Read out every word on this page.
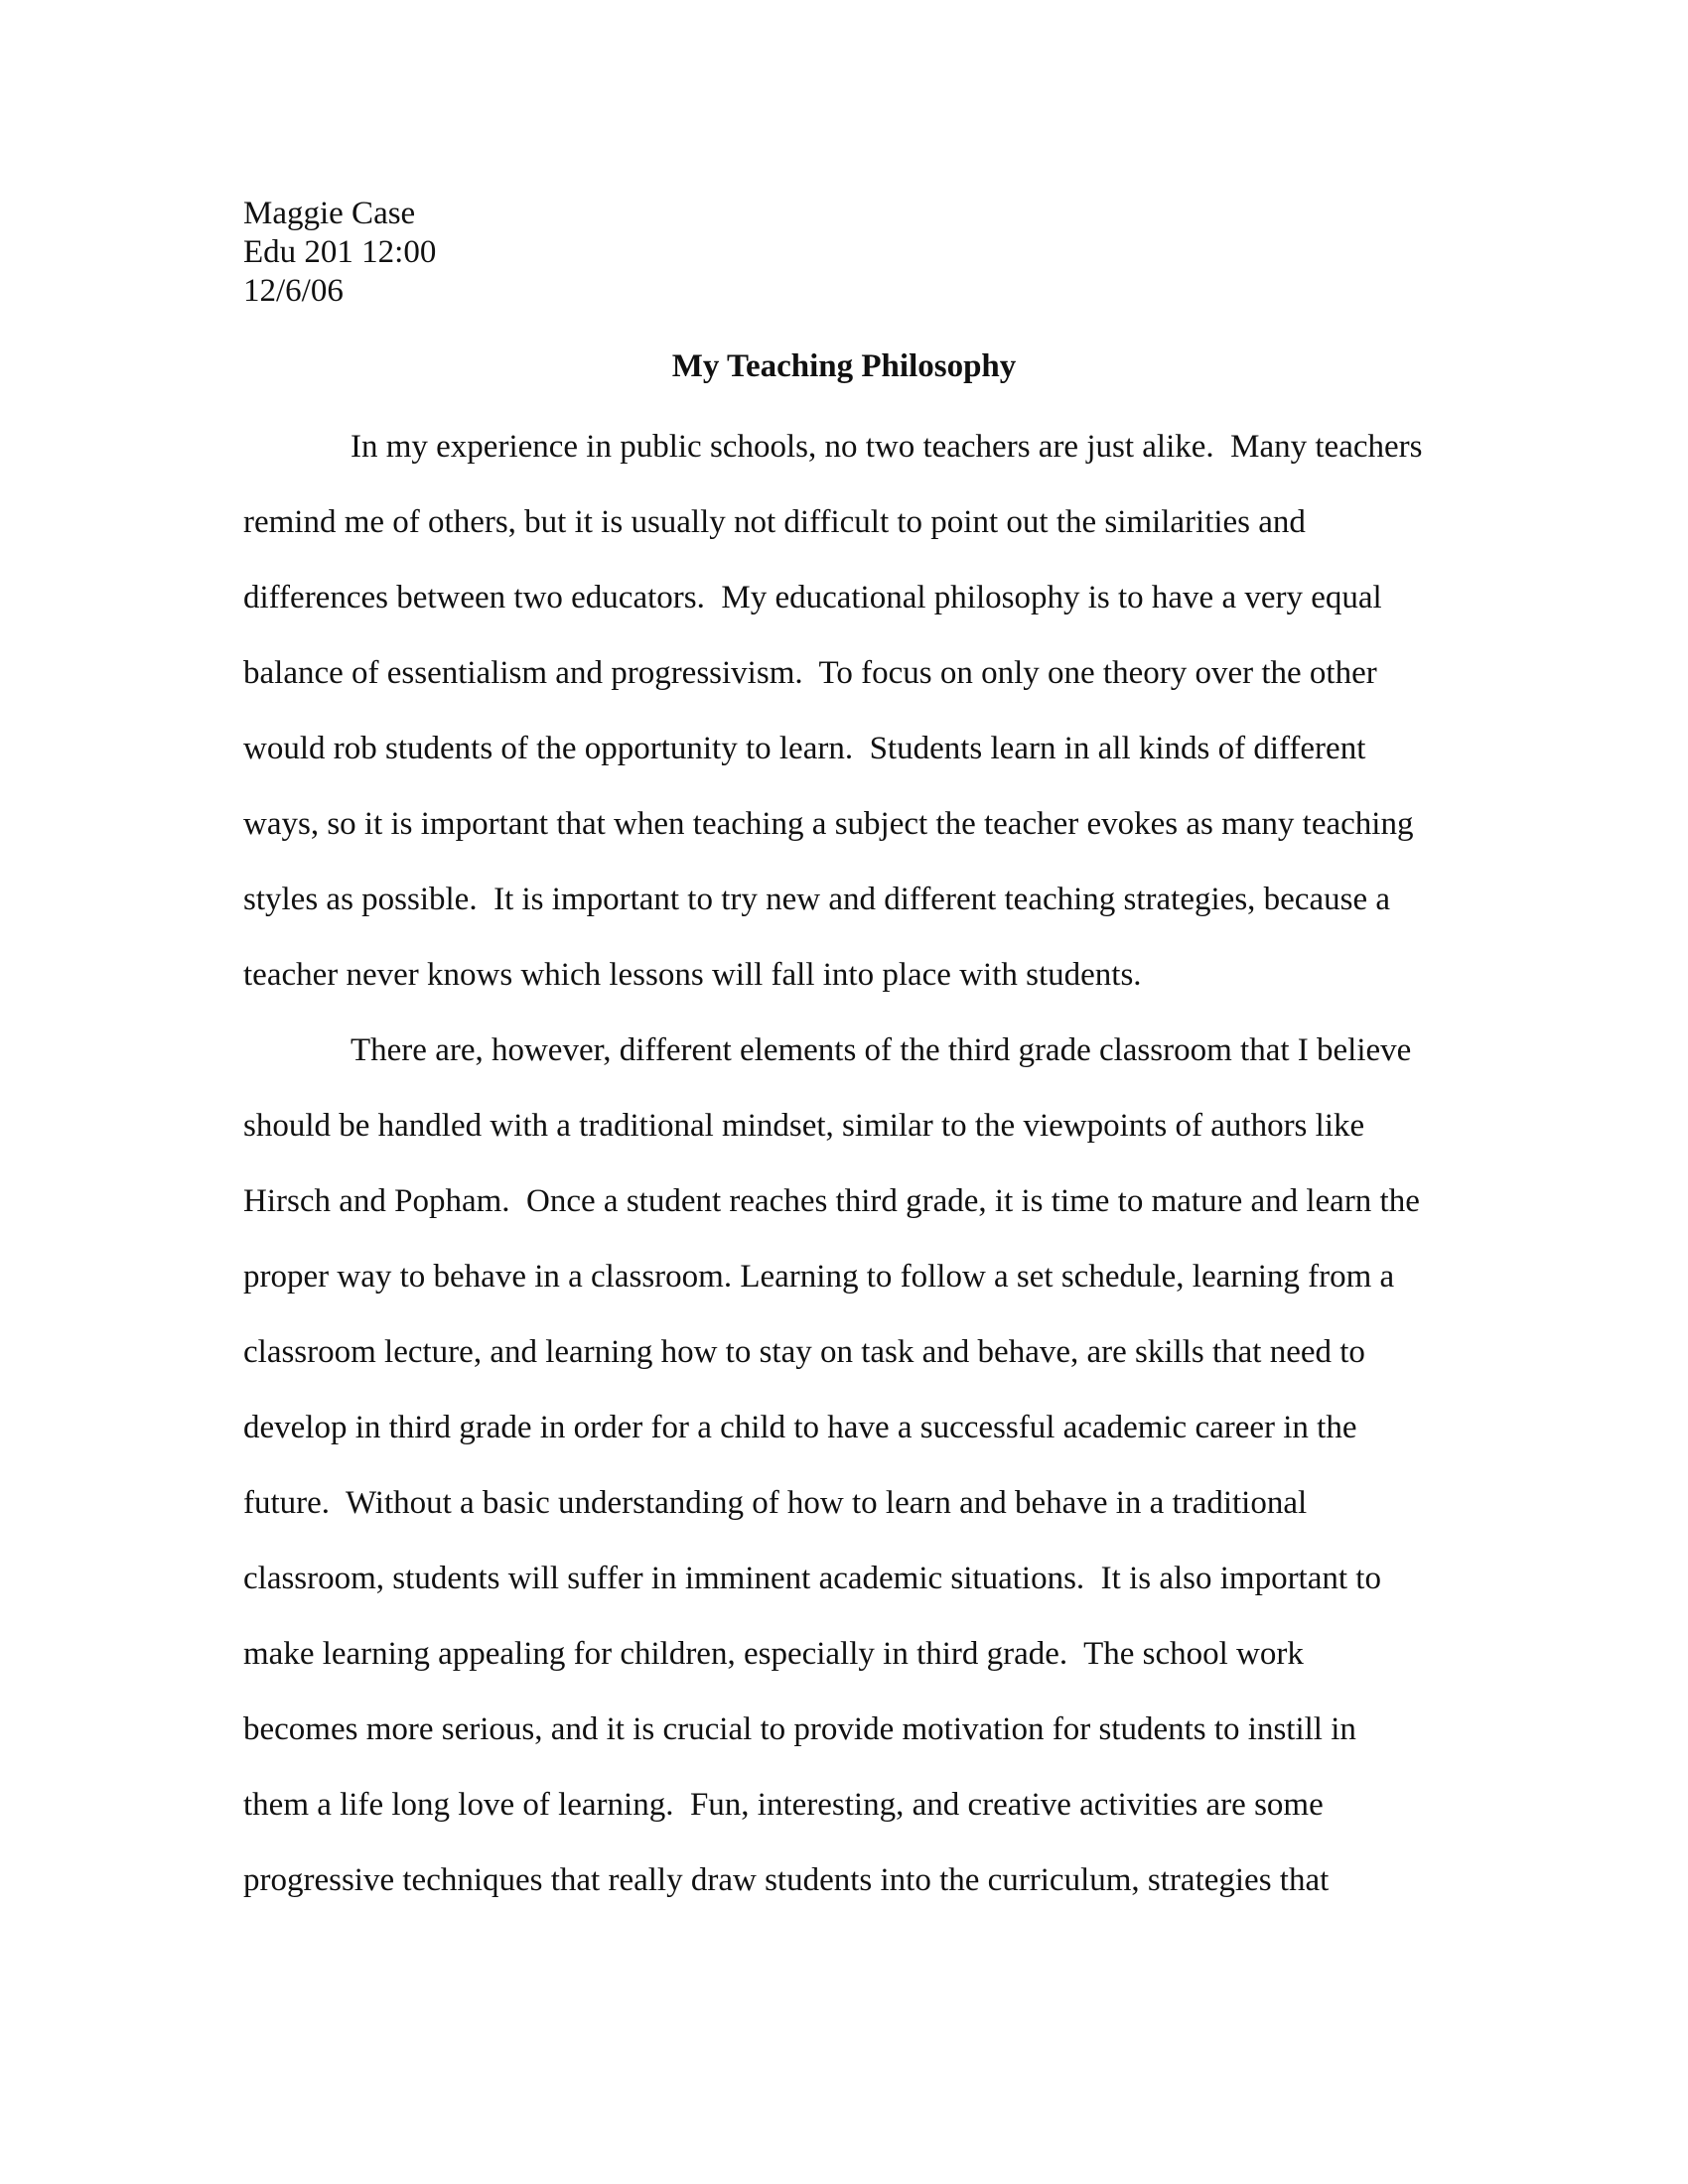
Maggie Case
Edu 201 12:00
12/6/06
My Teaching Philosophy
In my experience in public schools, no two teachers are just alike.  Many teachers
remind me of others, but it is usually not difficult to point out the similarities and
differences between two educators.  My educational philosophy is to have a very equal
balance of essentialism and progressivism.  To focus on only one theory over the other
would rob students of the opportunity to learn.  Students learn in all kinds of different
ways, so it is important that when teaching a subject the teacher evokes as many teaching
styles as possible.  It is important to try new and different teaching strategies, because a
teacher never knows which lessons will fall into place with students.
There are, however, different elements of the third grade classroom that I believe
should be handled with a traditional mindset, similar to the viewpoints of authors like
Hirsch and Popham.  Once a student reaches third grade, it is time to mature and learn the
proper way to behave in a classroom. Learning to follow a set schedule, learning from a
classroom lecture, and learning how to stay on task and behave, are skills that need to
develop in third grade in order for a child to have a successful academic career in the
future.  Without a basic understanding of how to learn and behave in a traditional
classroom, students will suffer in imminent academic situations.  It is also important to
make learning appealing for children, especially in third grade.  The school work
becomes more serious, and it is crucial to provide motivation for students to instill in
them a life long love of learning.  Fun, interesting, and creative activities are some
progressive techniques that really draw students into the curriculum, strategies that
